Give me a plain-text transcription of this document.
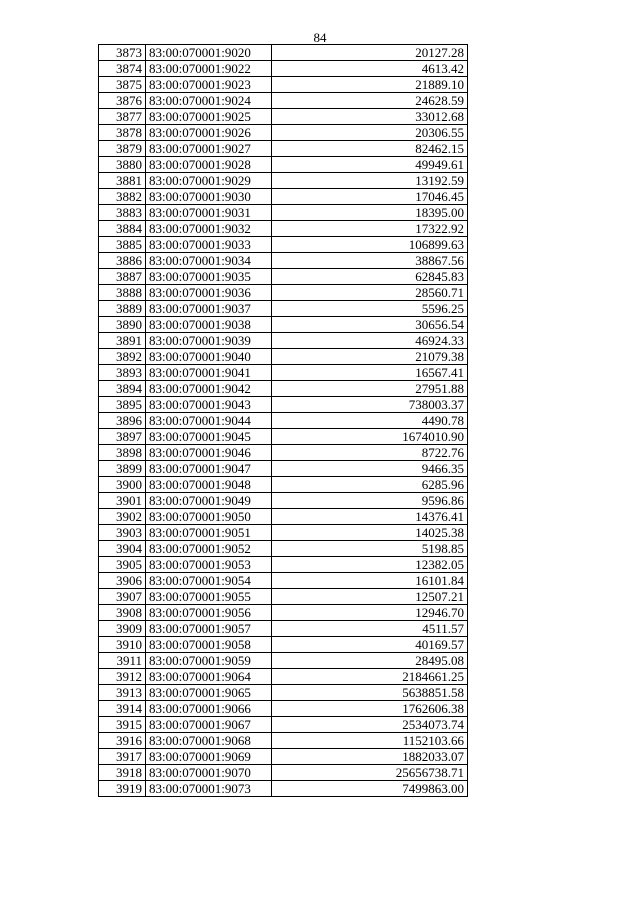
84
3873	83:00:070001:9020	20127.28
3874	83:00:070001:9022	4613.42
3875	83:00:070001:9023	21889.10
3876	83:00:070001:9024	24628.59
3877	83:00:070001:9025	33012.68
3878	83:00:070001:9026	20306.55
3879	83:00:070001:9027	82462.15
3880	83:00:070001:9028	49949.61
3881	83:00:070001:9029	13192.59
3882	83:00:070001:9030	17046.45
3883	83:00:070001:9031	18395.00
3884	83:00:070001:9032	17322.92
3885	83:00:070001:9033	106899.63
3886	83:00:070001:9034	38867.56
3887	83:00:070001:9035	62845.83
3888	83:00:070001:9036	28560.71
3889	83:00:070001:9037	5596.25
3890	83:00:070001:9038	30656.54
3891	83:00:070001:9039	46924.33
3892	83:00:070001:9040	21079.38
3893	83:00:070001:9041	16567.41
3894	83:00:070001:9042	27951.88
3895	83:00:070001:9043	738003.37
3896	83:00:070001:9044	4490.78
3897	83:00:070001:9045	1674010.90
3898	83:00:070001:9046	8722.76
3899	83:00:070001:9047	9466.35
3900	83:00:070001:9048	6285.96
3901	83:00:070001:9049	9596.86
3902	83:00:070001:9050	14376.41
3903	83:00:070001:9051	14025.38
3904	83:00:070001:9052	5198.85
3905	83:00:070001:9053	12382.05
3906	83:00:070001:9054	16101.84
3907	83:00:070001:9055	12507.21
3908	83:00:070001:9056	12946.70
3909	83:00:070001:9057	4511.57
3910	83:00:070001:9058	40169.57
3911	83:00:070001:9059	28495.08
3912	83:00:070001:9064	2184661.25
3913	83:00:070001:9065	5638851.58
3914	83:00:070001:9066	1762606.38
3915	83:00:070001:9067	2534073.74
3916	83:00:070001:9068	1152103.66
3917	83:00:070001:9069	1882033.07
3918	83:00:070001:9070	25656738.71
3919	83:00:070001:9073	7499863.00
